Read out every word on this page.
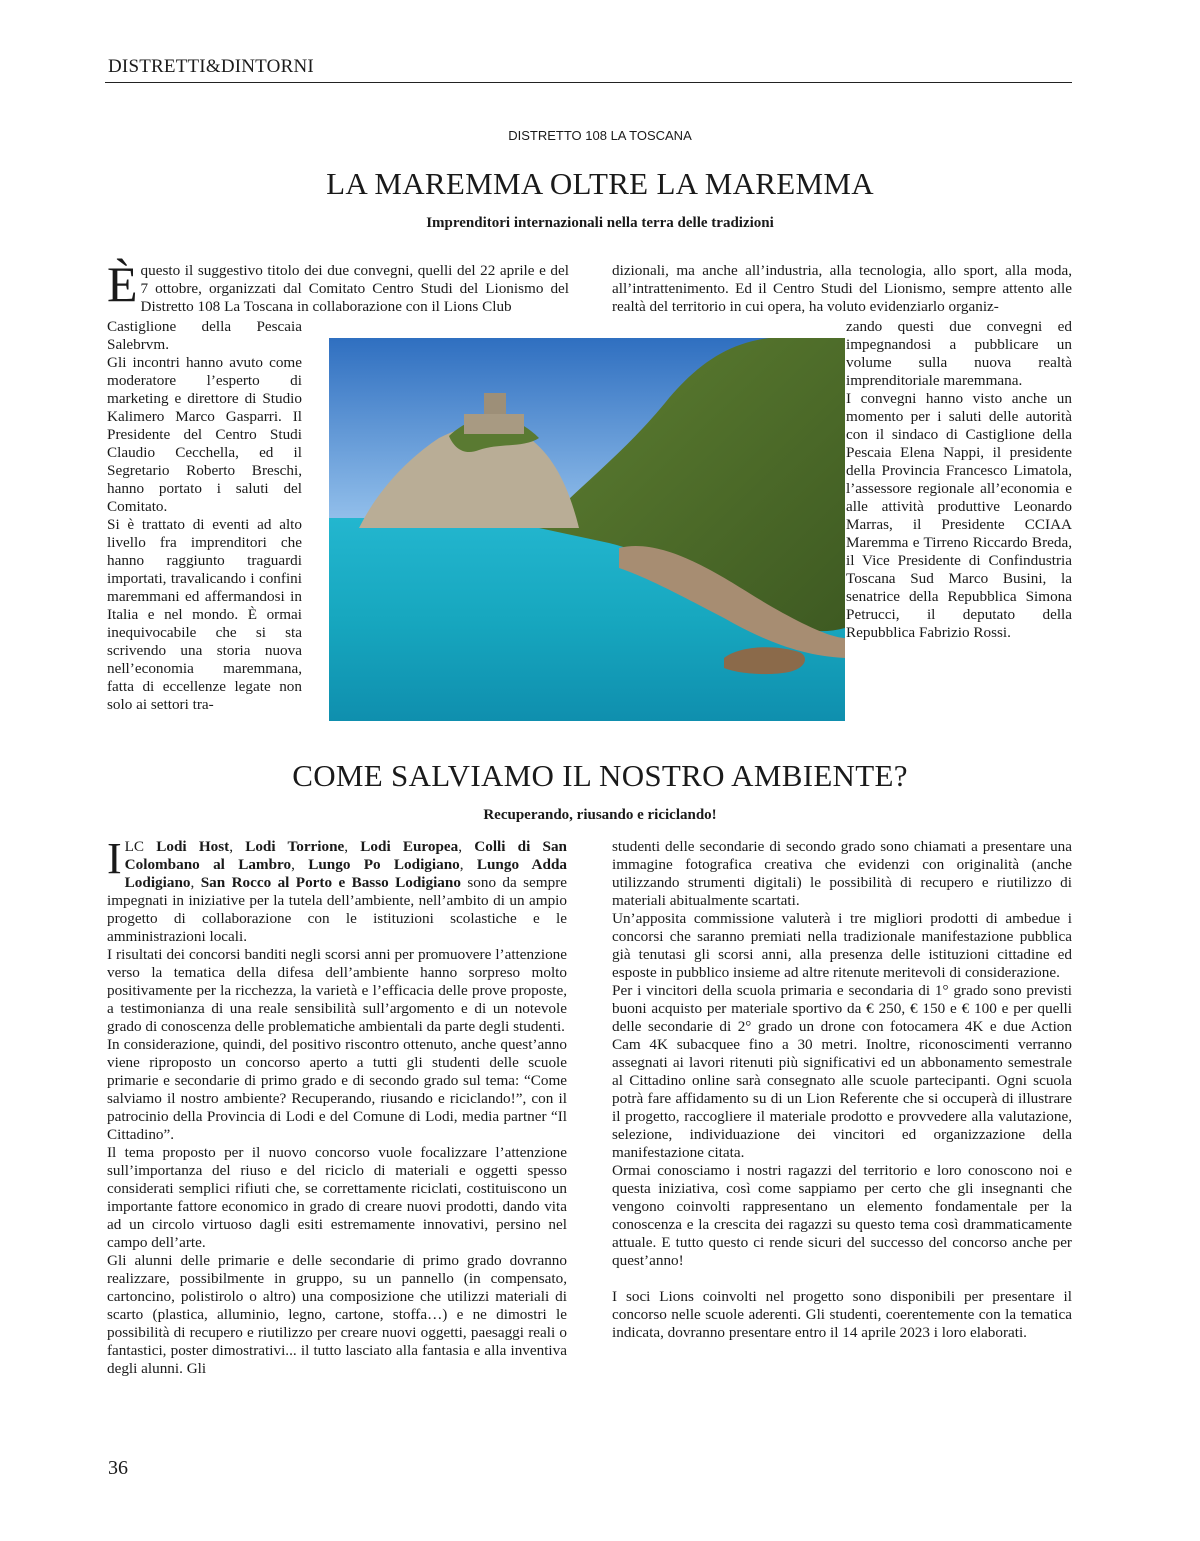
DISTRETTI&DINTORNI
DISTRETTO 108 LA TOSCANA
LA MAREMMA OLTRE LA MAREMMA
Imprenditori internazionali nella terra delle tradizioni
È questo il suggestivo titolo dei due convegni, quelli del 22 aprile e del 7 ottobre, organizzati dal Comitato Centro Studi del Lionismo del Distretto 108 La Toscana in collaborazione con il Lions Club

Castiglione della Pescaia Salebrvm.

Gli incontri hanno avuto come moderatore l’esperto di marketing e direttore di Studio Kalimero Marco Gasparri. Il Presidente del Centro Studi Claudio Cecchella, ed il Segretario Roberto Breschi, hanno portato i saluti del Comitato.

Si è trattato di eventi ad alto livello fra imprenditori che hanno raggiunto traguardi importati, travalicando i confini maremmani ed affermandosi in Italia e nel mondo. È ormai inequivocabile che si sta scrivendo una storia nuova nell’economia maremmana, fatta di eccellenze legate non solo ai settori tra-

dizionali, ma anche all’industria, alla tecnologia, allo sport, alla moda, all’intrattenimento. Ed il Centro Studi del Lionismo, sempre attento alle realtà del territorio in cui opera, ha voluto evidenziarlo organiz-

zando questi due convegni ed impegnandosi a pubblicare un volume sulla nuova realtà imprenditoriale maremmana.

I convegni hanno visto anche un momento per i saluti delle autorità con il sindaco di Castiglione della Pescaia Elena Nappi, il presidente della Provincia Francesco Limatola, l’assessore regionale all’economia e alle attività produttive Leonardo Marras, il Presidente CCIAA Maremma e Tirreno Riccardo Breda, il Vice Presidente di Confindustria Toscana Sud Marco Busini, la senatrice della Repubblica Simona Petrucci, il deputato della Repubblica Fabrizio Rossi.

COME SALVIAMO IL NOSTRO AMBIENTE?
Recuperando, riusando e riciclando!

ILC Lodi Host, Lodi Torrione, Lodi Europea, Colli di San Colombano al Lambro, Lungo Po Lodigiano, Lungo Adda Lodigiano, San Rocco al Porto e Basso Lodigiano sono da sempre impegnati in iniziative per la tutela dell’ambiente, nell’ambito di un ampio progetto di collaborazione con le istituzioni scolastiche e le amministrazioni locali.

I risultati dei concorsi banditi negli scorsi anni per promuovere l’attenzione verso la tematica della difesa dell’ambiente hanno sorpreso molto positivamente per la ricchezza, la varietà e l’efficacia delle prove proposte, a testimonianza di una reale sensibilità sull’argomento e di un notevole grado di conoscenza delle problematiche ambientali da parte degli studenti.

In considerazione, quindi, del positivo riscontro ottenuto, anche quest’anno viene riproposto un concorso aperto a tutti gli studenti delle scuole primarie e secondarie di primo grado e di secondo grado sul tema: “Come salviamo il nostro ambiente? Recuperando, riusando e riciclando!”, con il patrocinio della Provincia di Lodi e del Comune di Lodi, media partner “Il Cittadino”.

Il tema proposto per il nuovo concorso vuole focalizzare l’attenzione sull’importanza del riuso e del riciclo di materiali e oggetti spesso considerati semplici rifiuti che, se correttamente riciclati, costituiscono un importante fattore economico in grado di creare nuovi prodotti, dando vita ad un circolo virtuoso dagli esiti estremamente innovativi, persino nel campo dell’arte.

Gli alunni delle primarie e delle secondarie di primo grado dovranno realizzare, possibilmente in gruppo, su un pannello (in compensato, cartoncino, polistirolo o altro) una composizione che utilizzi materiali di scarto (plastica, alluminio, legno, cartone, stoffa…) e ne dimostri le possibilità di recupero e riutilizzo per creare nuovi oggetti, paesaggi reali o fantastici, poster dimostrativi... il tutto lasciato alla fantasia e alla inventiva degli alunni. Gli

studenti delle secondarie di secondo grado sono chiamati a presentare una immagine fotografica creativa che evidenzi con originalità (anche utilizzando strumenti digitali) le possibilità di recupero e riutilizzo di materiali abitualmente scartati.

Un’apposita commissione valuterà i tre migliori prodotti di ambedue i concorsi che saranno premiati nella tradizionale manifestazione pubblica già tenutasi gli scorsi anni, alla presenza delle istituzioni cittadine ed esposte in pubblico insieme ad altre ritenute meritevoli di considerazione.

Per i vincitori della scuola primaria e secondaria di 1° grado sono previsti buoni acquisto per materiale sportivo da € 250, € 150 e € 100 e per quelli delle secondarie di 2° grado un drone con fotocamera 4K e due Action Cam 4K subacquee fino a 30 metri. Inoltre, riconoscimenti verranno assegnati ai lavori ritenuti più significativi ed un abbonamento semestrale al Cittadino online sarà consegnato alle scuole partecipanti. Ogni scuola potrà fare affidamento su di un Lion Referente che si occuperà di illustrare il progetto, raccogliere il materiale prodotto e provvedere alla valutazione, selezione, individuazione dei vincitori ed organizzazione della manifestazione citata.

Ormai conosciamo i nostri ragazzi del territorio e loro conoscono noi e questa iniziativa, così come sappiamo per certo che gli insegnanti che vengono coinvolti rappresentano un elemento fondamentale per la conoscenza e la crescita dei ragazzi su questo tema così drammaticamente attuale. E tutto questo ci rende sicuri del successo del concorso anche per quest’anno!

I soci Lions coinvolti nel progetto sono disponibili per presentare il concorso nelle scuole aderenti. Gli studenti, coerentemente con la tematica indicata, dovranno presentare entro il 14 aprile 2023 i loro elaborati.

36
